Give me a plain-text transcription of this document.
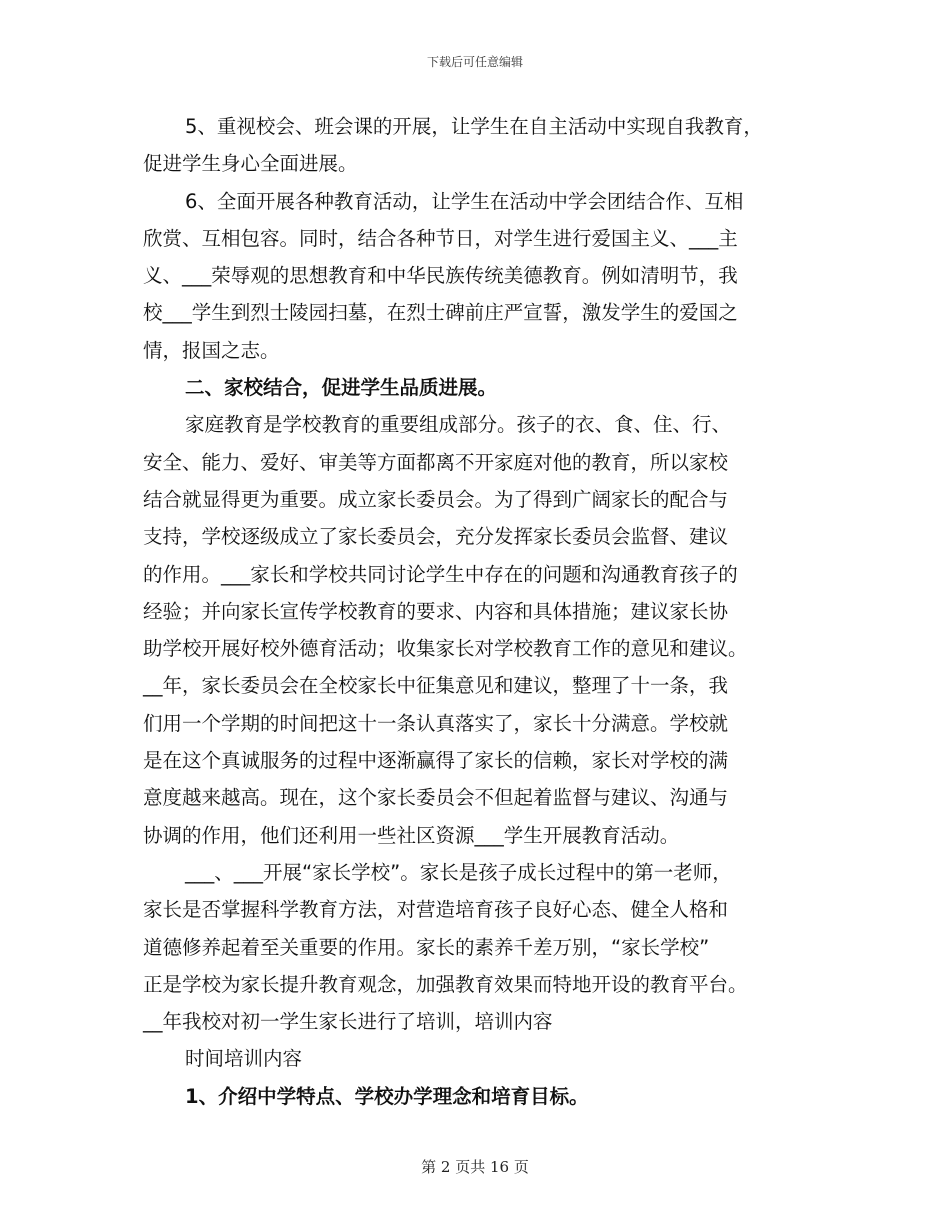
下载后可任意编辑

5、重视校会、班会课的开展，让学生在自主活动中实现自我教育，
促进学生身心全面进展。

6、全面开展各种教育活动，让学生在活动中学会团结合作、互相
欣赏、互相包容。同时，结合各种节日，对学生进行爱国主义、___主
义、___荣辱观的思想教育和中华民族传统美德教育。例如清明节，我
校___学生到烈士陵园扫墓，在烈士碑前庄严宣誓，激发学生的爱国之
情，报国之志。

二、家校结合，促进学生品质进展。

家庭教育是学校教育的重要组成部分。孩子的衣、食、住、行、
安全、能力、爱好、审美等方面都离不开家庭对他的教育，所以家校
结合就显得更为重要。成立家长委员会。为了得到广阔家长的配合与
支持，学校逐级成立了家长委员会，充分发挥家长委员会监督、建议
的作用。___家长和学校共同讨论学生中存在的问题和沟通教育孩子的
经验；并向家长宣传学校教育的要求、内容和具体措施；建议家长协
助学校开展好校外德育活动；收集家长对学校教育工作的意见和建议。
__年，家长委员会在全校家长中征集意见和建议，整理了十一条，我
们用一个学期的时间把这十一条认真落实了，家长十分满意。学校就
是在这个真诚服务的过程中逐渐赢得了家长的信赖，家长对学校的满
意度越来越高。现在，这个家长委员会不但起着监督与建议、沟通与
协调的作用，他们还利用一些社区资源___学生开展教育活动。

___、___开展“家长学校”。家长是孩子成长过程中的第一老师，
家长是否掌握科学教育方法，对营造培育孩子良好心态、健全人格和
道德修养起着至关重要的作用。家长的素养千差万别，“家长学校”
正是学校为家长提升教育观念，加强教育效果而特地开设的教育平台。
__年我校对初一学生家长进行了培训，培训内容

时间培训内容

1、介绍中学特点、学校办学理念和培育目标。

第 2 页共 16 页
